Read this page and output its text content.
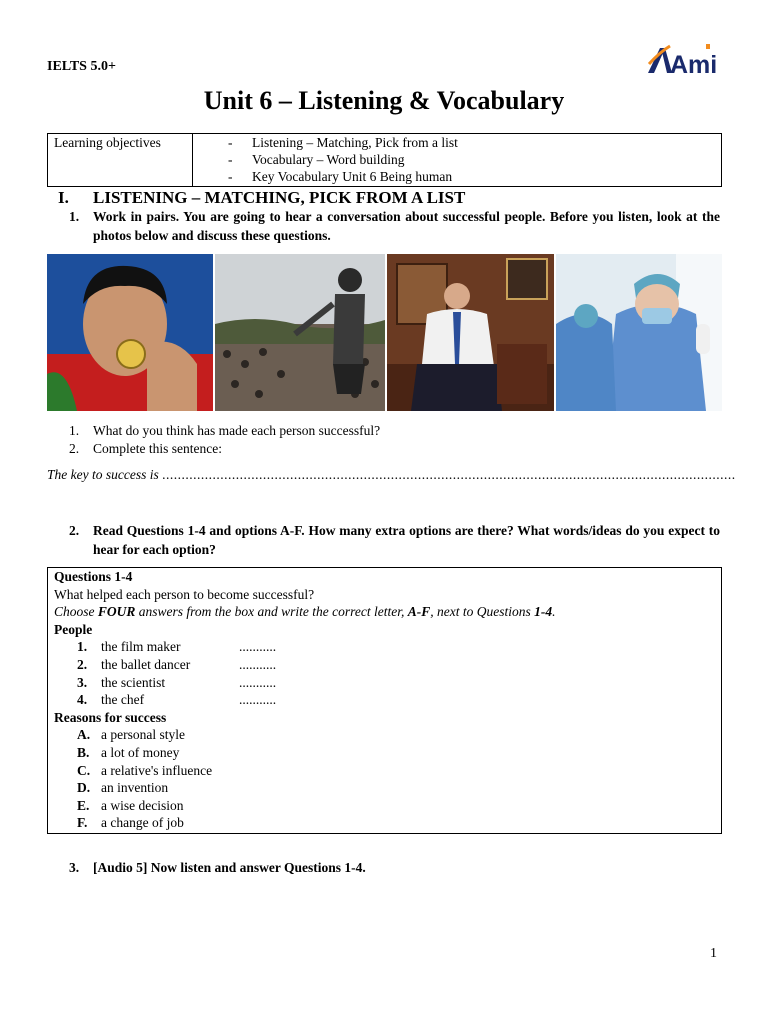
IELTS 5.0+	Ami
Unit 6 – Listening & Vocabulary
Learning objectives	-	Listening – Matching, Pick from a list
-	Vocabulary – Word building
-	Key Vocabulary Unit 6 Being human
I.	LISTENING – MATCHING, PICK FROM A LIST
1.	Work in pairs. You are going to hear a conversation about successful people. Before you listen, look at the photos below and discuss these questions.
1.	What do you think has made each person successful?
2.	Complete this sentence:
The key to success is ....................................................................................................................................................
2.	Read Questions 1-4 and options A-F. How many extra options are there? What words/ideas do you expect to hear for each option?
Questions 1-4
What helped each person to become successful?
Choose FOUR answers from the box and write the correct letter, A-F, next to Questions 1-4.
People
1.	the film maker	...........
2.	the ballet dancer	...........
3.	the scientist	...........
4.	the chef	...........
Reasons for success
A. a personal style
B. a lot of money
C. a relative's influence
D. an invention
E. a wise decision
F.	a change of job
3.	[Audio 5] Now listen and answer Questions 1-4.
1
